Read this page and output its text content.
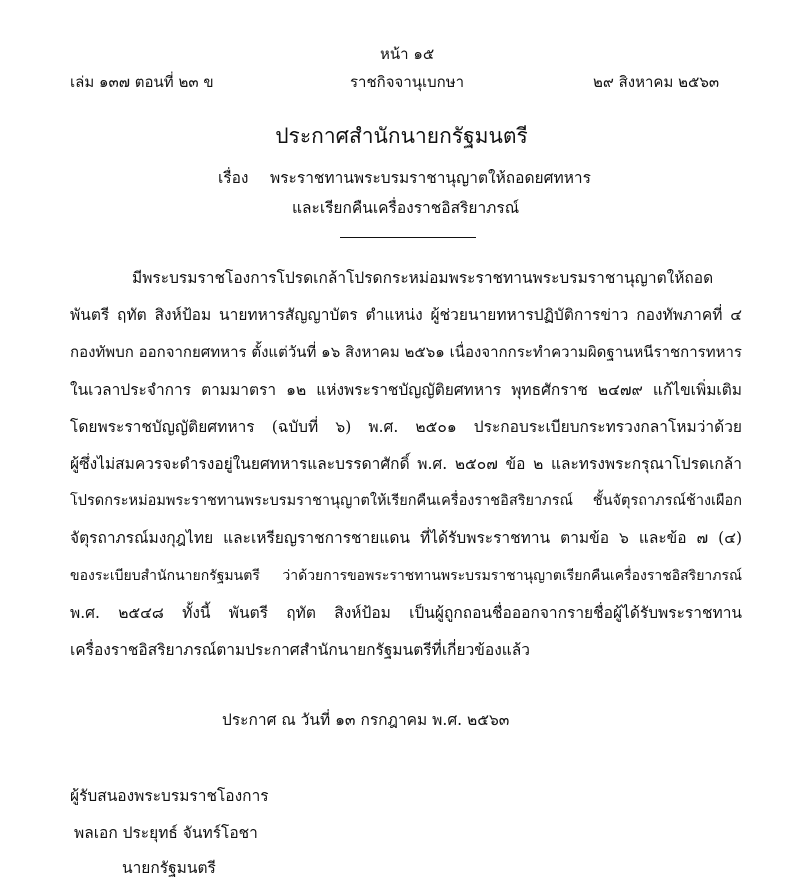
หน้า ๑๕
เล่ม ๑๓๗ ตอนที่ ๒๓ ข	ราชกิจจานุเบกษา	๒๙ สิงหาคม ๒๕๖๓
ประกาศสำนักนายกรัฐมนตรี
เรื่อง พระราชทานพระบรมราชานุญาตให้ถอดยศทหาร
และเรียกคืนเครื่องราชอิสริยาภรณ์
มีพระบรมราชโองการโปรดเกล้าโปรดกระหม่อมพระราชทานพระบรมราชานุญาตให้ถอด
พันตรี ฤทัต สิงห์ป้อม นายทหารสัญญาบัตร ตำแหน่ง ผู้ช่วยนายทหารปฏิบัติการข่าว กองทัพภาคที่ ๔
กองทัพบก ออกจากยศทหาร ตั้งแต่วันที่ ๑๖ สิงหาคม ๒๕๖๑ เนื่องจากกระทำความผิดฐานหนีราชการทหาร
ในเวลาประจำการ ตามมาตรา ๑๒ แห่งพระราชบัญญัติยศทหาร พุทธศักราช ๒๔๗๙ แก้ไขเพิ่มเติม
โดยพระราชบัญญัติยศทหาร (ฉบับที่ ๖) พ.ศ. ๒๕๐๑ ประกอบระเบียบกระทรวงกลาโหมว่าด้วย
ผู้ซึ่งไม่สมควรจะดำรงอยู่ในยศทหารและบรรดาศักดิ์ พ.ศ. ๒๕๐๗ ข้อ ๒ และทรงพระกรุณาโปรดเกล้า
โปรดกระหม่อมพระราชทานพระบรมราชานุญาตให้เรียกคืนเครื่องราชอิสริยาภรณ์ ชั้นจัตุรถาภรณ์ช้างเผือก
จัตุรถาภรณ์มงกุฎไทย และเหรียญราชการชายแดน ที่ได้รับพระราชทาน ตามข้อ ๖ และข้อ ๗ (๔)
ของระเบียบสำนักนายกรัฐมนตรี ว่าด้วยการขอพระราชทานพระบรมราชานุญาตเรียกคืนเครื่องราชอิสริยาภรณ์
พ.ศ. ๒๕๔๘ ทั้งนี้ พันตรี ฤทัต สิงห์ป้อม เป็นผู้ถูกถอนชื่อออกจากรายชื่อผู้ได้รับพระราชทาน
เครื่องราชอิสริยาภรณ์ตามประกาศสำนักนายกรัฐมนตรีที่เกี่ยวข้องแล้ว
ประกาศ ณ วันที่ ๑๓ กรกฎาคม พ.ศ. ๒๕๖๓
ผู้รับสนองพระบรมราชโองการ
พลเอก ประยุทธ์ จันทร์โอชา
นายกรัฐมนตรี
